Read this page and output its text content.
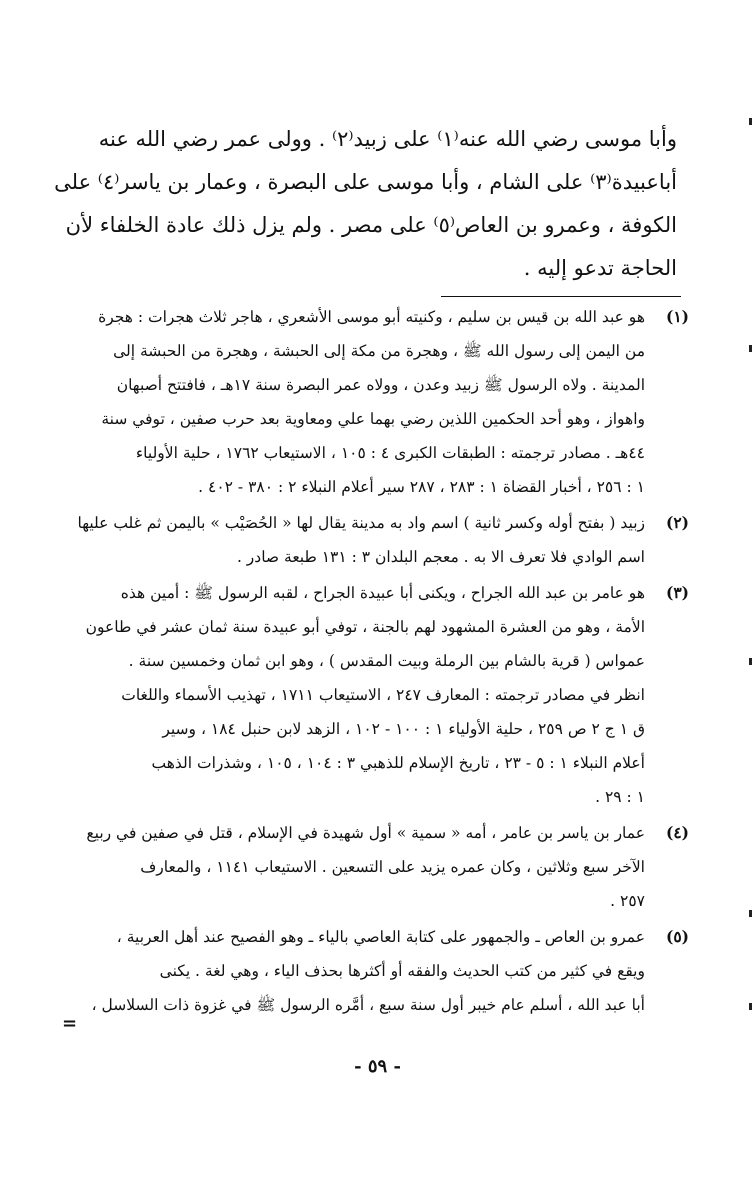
وأبا موسى رضي الله عنه⁽١⁾ على زبيد⁽٢⁾ . وولى عمر رضي الله عنه
أباعبيدة⁽٣⁾ على الشام ، وأبا موسى على البصرة ، وعمار بن ياسر⁽٤⁾ على
الكوفة ، وعمرو بن العاص⁽٥⁾ على مصر . ولم يزل ذلك عادة الخلفاء لأن
الحاجة تدعو إليه .
(١)
هو عبد الله بن قيس بن سليم ، وكنيته أبو موسى الأشعري ، هاجر ثلاث هجرات : هجرة
من اليمن إلى رسول الله ﷺ ، وهجرة من مكة إلى الحبشة ، وهجرة من الحبشة إلى
المدينة . ولاه الرسول ﷺ زبيد وعدن ، وولاه عمر البصرة سنة ١٧هـ ، فافتتح أصبهان
واهواز ، وهو أحد الحكمين اللذين رضي بهما علي ومعاوية بعد حرب صفين ، توفي سنة
٤٤هـ . مصادر ترجمته : الطبقات الكبرى ٤ : ١٠٥ ، الاستيعاب ١٧٦٢ ، حلية الأولياء
١ : ٢٥٦ ، أخبار القضاة ١ : ٢٨٣ ، ٢٨٧ سير أعلام النبلاء ٢ : ٣٨٠ - ٤٠٢ .
(٢)
زبيد ( بفتح أوله وكسر ثانية ) اسم واد به مدينة يقال لها « الحُصَيْب » باليمن ثم غلب عليها
اسم الوادي فلا تعرف الا به . معجم البلدان ٣ : ١٣١ طبعة صادر .
(٣)
هو عامر بن عبد الله الجراح ، ويكنى أبا عبيدة الجراح ، لقبه الرسول ﷺ : أمين هذه
الأمة ، وهو من العشرة المشهود لهم بالجنة ، توفي أبو عبيدة سنة ثمان عشر في طاعون
عمواس ( قرية بالشام بين الرملة وبيت المقدس ) ، وهو ابن ثمان وخمسين سنة .
انظر في مصادر ترجمته : المعارف ٢٤٧ ، الاستيعاب ١٧١١ ، تهذيب الأسماء واللغات
ق ١ ج ٢ ص ٢٥٩ ، حلية الأولياء ١ : ١٠٠ - ١٠٢ ، الزهد لابن حنبل ١٨٤ ، وسير
أعلام النبلاء ١ : ٥ - ٢٣ ، تاريخ الإسلام للذهبي ٣ : ١٠٤ ، ١٠٥ ، وشذرات الذهب
١ : ٢٩ .
(٤)
عمار بن ياسر بن عامر ، أمه « سمية » أول شهيدة في الإسلام ، قتل في صفين في ربيع
الآخر سبع وثلاثين ، وكان عمره يزيد على التسعين . الاستيعاب ١١٤١ ، والمعارف
٢٥٧ .
(٥)
عمرو بن العاص ـ والجمهور على كتابة العاصي بالياء ـ وهو الفصيح عند أهل العربية ،
ويقع في كثير من كتب الحديث والفقه أو أكثرها بحذف الياء ، وهي لغة . يكنى
أبا عبد الله ، أسلم عام خيبر أول سنة سبع ، أمَّره الرسول ﷺ في غزوة ذات السلاسل ،
=
- ٥٩ -
